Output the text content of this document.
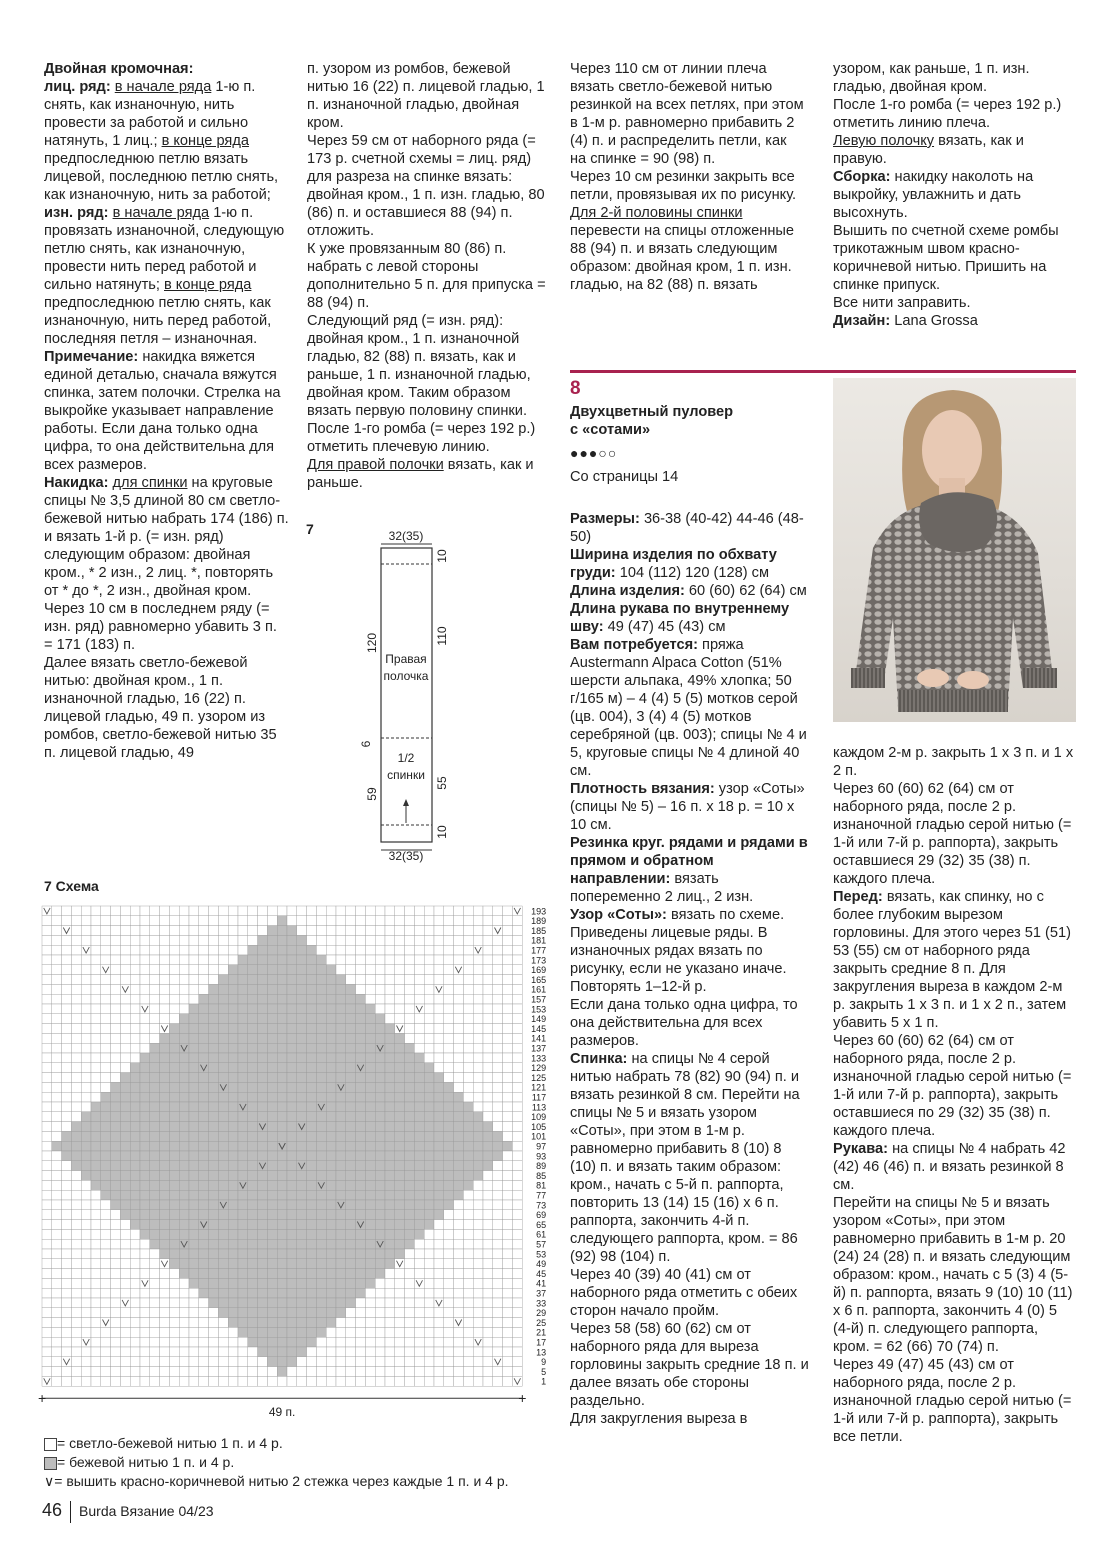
Двойная кромочная:
лиц. ряд: в начале ряда 1-ю п. снять, как изнаночную, нить провести за работой и сильно натянуть, 1 лиц.; в конце ряда предпоследнюю петлю вязать лицевой, последнюю петлю снять, как изнаночную, нить за работой;

изн. ряд: в начале ряда 1-ю п. провязать изнаночной, следующую петлю снять, как изнаночную, провести нить перед работой и сильно натянуть; в конце ряда предпоследнюю петлю снять, как изнаночную, нить перед работой, последняя петля – изнаночная.

Примечание: накидка вяжется единой деталью, сначала вяжутся спинка, затем полочки. Стрелка на выкройке указывает направление работы. Если дана только одна цифра, то она действительна для всех размеров.

Накидка: для спинки на круговые спицы № 3,5 длиной 80 см светло-бежевой нитью набрать 174 (186) п. и вязать 1-й р. (= изн. ряд) следующим образом: двойная кром., * 2 изн., 2 лиц. *, повторять от * до *, 2 изн., двойная кром.

Через 10 см в последнем ряду (= изн. ряд) равномерно убавить 3 п. = 171 (183) п.

Далее вязать светло-бежевой нитью: двойная кром., 1 п. изнаночной гладью, 16 (22) п. лицевой гладью, 49 п. узором из ромбов, светло-бежевой нитью 35 п. лицевой гладью, 49

п. узором из ромбов, бежевой нитью 16 (22) п. лицевой гладью, 1 п. изнаночной гладью, двойная кром.

Через 59 см от наборного ряда (= 173 р. счетной схемы = лиц. ряд) для разреза на спинке вязать: двойная кром., 1 п. изн. гладью, 80 (86) п. и оставшиеся 88 (94) п. отложить.

К уже провязанным 80 (86) п. набрать с левой стороны дополнительно 5 п. для припуска = 88 (94) п.

Следующий ряд (= изн. ряд): двойная кром., 1 п. изнаночной гладью, 82 (88) п. вязать, как и раньше, 1 п. изнаночной гладью, двойная кром. Таким образом вязать первую половину спинки.

После 1-го ромба (= через 192 р.) отметить плечевую линию.

Для правой полочки вязать, как и раньше.

Через 110 см от линии плеча вязать светло-бежевой нитью резинкой на всех петлях, при этом в 1-м р. равномерно прибавить 2 (4) п. и распределить петли, как на спинке = 90 (98) п.

Через 10 см резинки закрыть все петли, провязывая их по рисунку.

Для 2-й половины спинки перевести на спицы отложенные 88 (94) п. и вязать следующим образом: двойная кром, 1 п. изн. гладью, на 82 (88) п. вязать

узором, как раньше, 1 п. изн. гладью, двойная кром.

После 1-го ромба (= через 192 р.) отметить линию плеча.

Левую полочку вязать, как и правую.

Сборка: накидку наколоть на выкройку, увлажнить и дать высохнуть.

Вышить по счетной схеме ромбы трикотажным швом красно-коричневой нитью. Пришить на спинке припуск.

Все нити заправить.

Дизайн: Lana Grossa

8
Двухцветный пуловер
с «сотами»
●●●○○
Со страницы 14

Размеры: 36-38 (40-42) 44-46 (48-50)

Ширина изделия по обхвату груди: 104 (112) 120 (128) см

Длина изделия: 60 (60) 62 (64) см

Длина рукава по внутреннему шву: 49 (47) 45 (43) см

Вам потребуется: пряжа Austermann Alpaca Cotton (51% шерсти альпака, 49% хлопка; 50 г/165 м) – 4 (4) 5 (5) мотков серой (цв. 004), 3 (4) 4 (5) мотков серебряной (цв. 003); спицы № 4 и 5, круговые спицы № 4 длиной 40 см.

Плотность вязания: узор «Соты» (спицы № 5) – 16 п. х 18 р. = 10 х 10 см.

Резинка круг. рядами и рядами в прямом и обратном направлении: вязать попеременно 2 лиц., 2 изн.

Узор «Соты»: вязать по схеме. Приведены лицевые ряды. В изнаночных рядах вязать по рисунку, если не указано иначе.

Повторять 1–12-й р.

Если дана только одна цифра, то она действительна для всех размеров.

Спинка: на спицы № 4 серой нитью набрать 78 (82) 90 (94) п. и вязать резинкой 8 см. Перейти на спицы № 5 и вязать узором «Соты», при этом в 1-м р. равномерно прибавить 8 (10) 8 (10) п. и вязать таким образом: кром., начать с 5-й п. раппорта, повторить 13 (14) 15 (16) х 6 п. раппорта, закончить 4-й п. следующего раппорта, кром. = 86 (92) 98 (104) п.

Через 40 (39) 40 (41) см от наборного ряда отметить с обеих сторон начало пройм.

Через 58 (58) 60 (62) см от наборного ряда для выреза горловины закрыть средние 18 п. и далее вязать обе стороны раздельно.

Для закругления выреза в

каждом 2-м р. закрыть 1 х 3 п. и 1 х 2 п.

Через 60 (60) 62 (64) см от наборного ряда, после 2 р. изнаночной гладью серой нитью (= 1-й или 7-й р. раппорта), закрыть оставшиеся 29 (32) 35 (38) п. каждого плеча.

Перед: вязать, как спинку, но с более глубоким вырезом горловины. Для этого через 51 (51) 53 (55) см от наборного ряда закрыть средние 8 п. Для закругления выреза в каждом 2-м р. закрыть 1 х 3 п. и 1 х 2 п., затем убавить 5 х 1 п.

Через 60 (60) 62 (64) см от наборного ряда, после 2 р. изнаночной гладью серой нитью (= 1-й или 7-й р. раппорта), закрыть оставшиеся по 29 (32) 35 (38) п. каждого плеча.

Рукава: на спицы № 4 набрать 42 (42) 46 (46) п. и вязать резинкой 8 см.

Перейти на спицы № 5 и вязать узором «Соты», при этом равномерно прибавить в 1-м р. 20 (24) 24 (28) п. и вязать следующим образом: кром., начать с 5 (3) 4 (5-й) п. раппорта, вязать 9 (10) 10 (11) х 6 п. раппорта, закончить 4 (0) 5 (4-й) п. следующего раппорта, кром. = 62 (66) 70 (74) п.

Через 49 (47) 45 (43) см от наборного ряда, после 2 р. изнаночной гладью серой нитью (= 1-й или 7-й р. раппорта), закрыть все петли.

7	32(35)
Правая
полочка
1/2
спинки
120
6
59
10
110
55
10
32(35)
7 Схема
193
189
185
181
177
173
169
165
161
157
153
149
145
141
137
133
129
125
121
117
113
109
105
101
97
93
89
85
81
77
73
69
65
61
57
53
49
45
41
37
33
29
25
21
17
13
9
5
1
+	+
49 п.
= светло-бежевой нитью 1 п. и 4 р.
= бежевой нитью 1 п. и 4 р.
∨= вышить красно-коричневой нитью 2 стежка через каждые 1 п. и 4 р.
46 Burda Вязание 04/23
